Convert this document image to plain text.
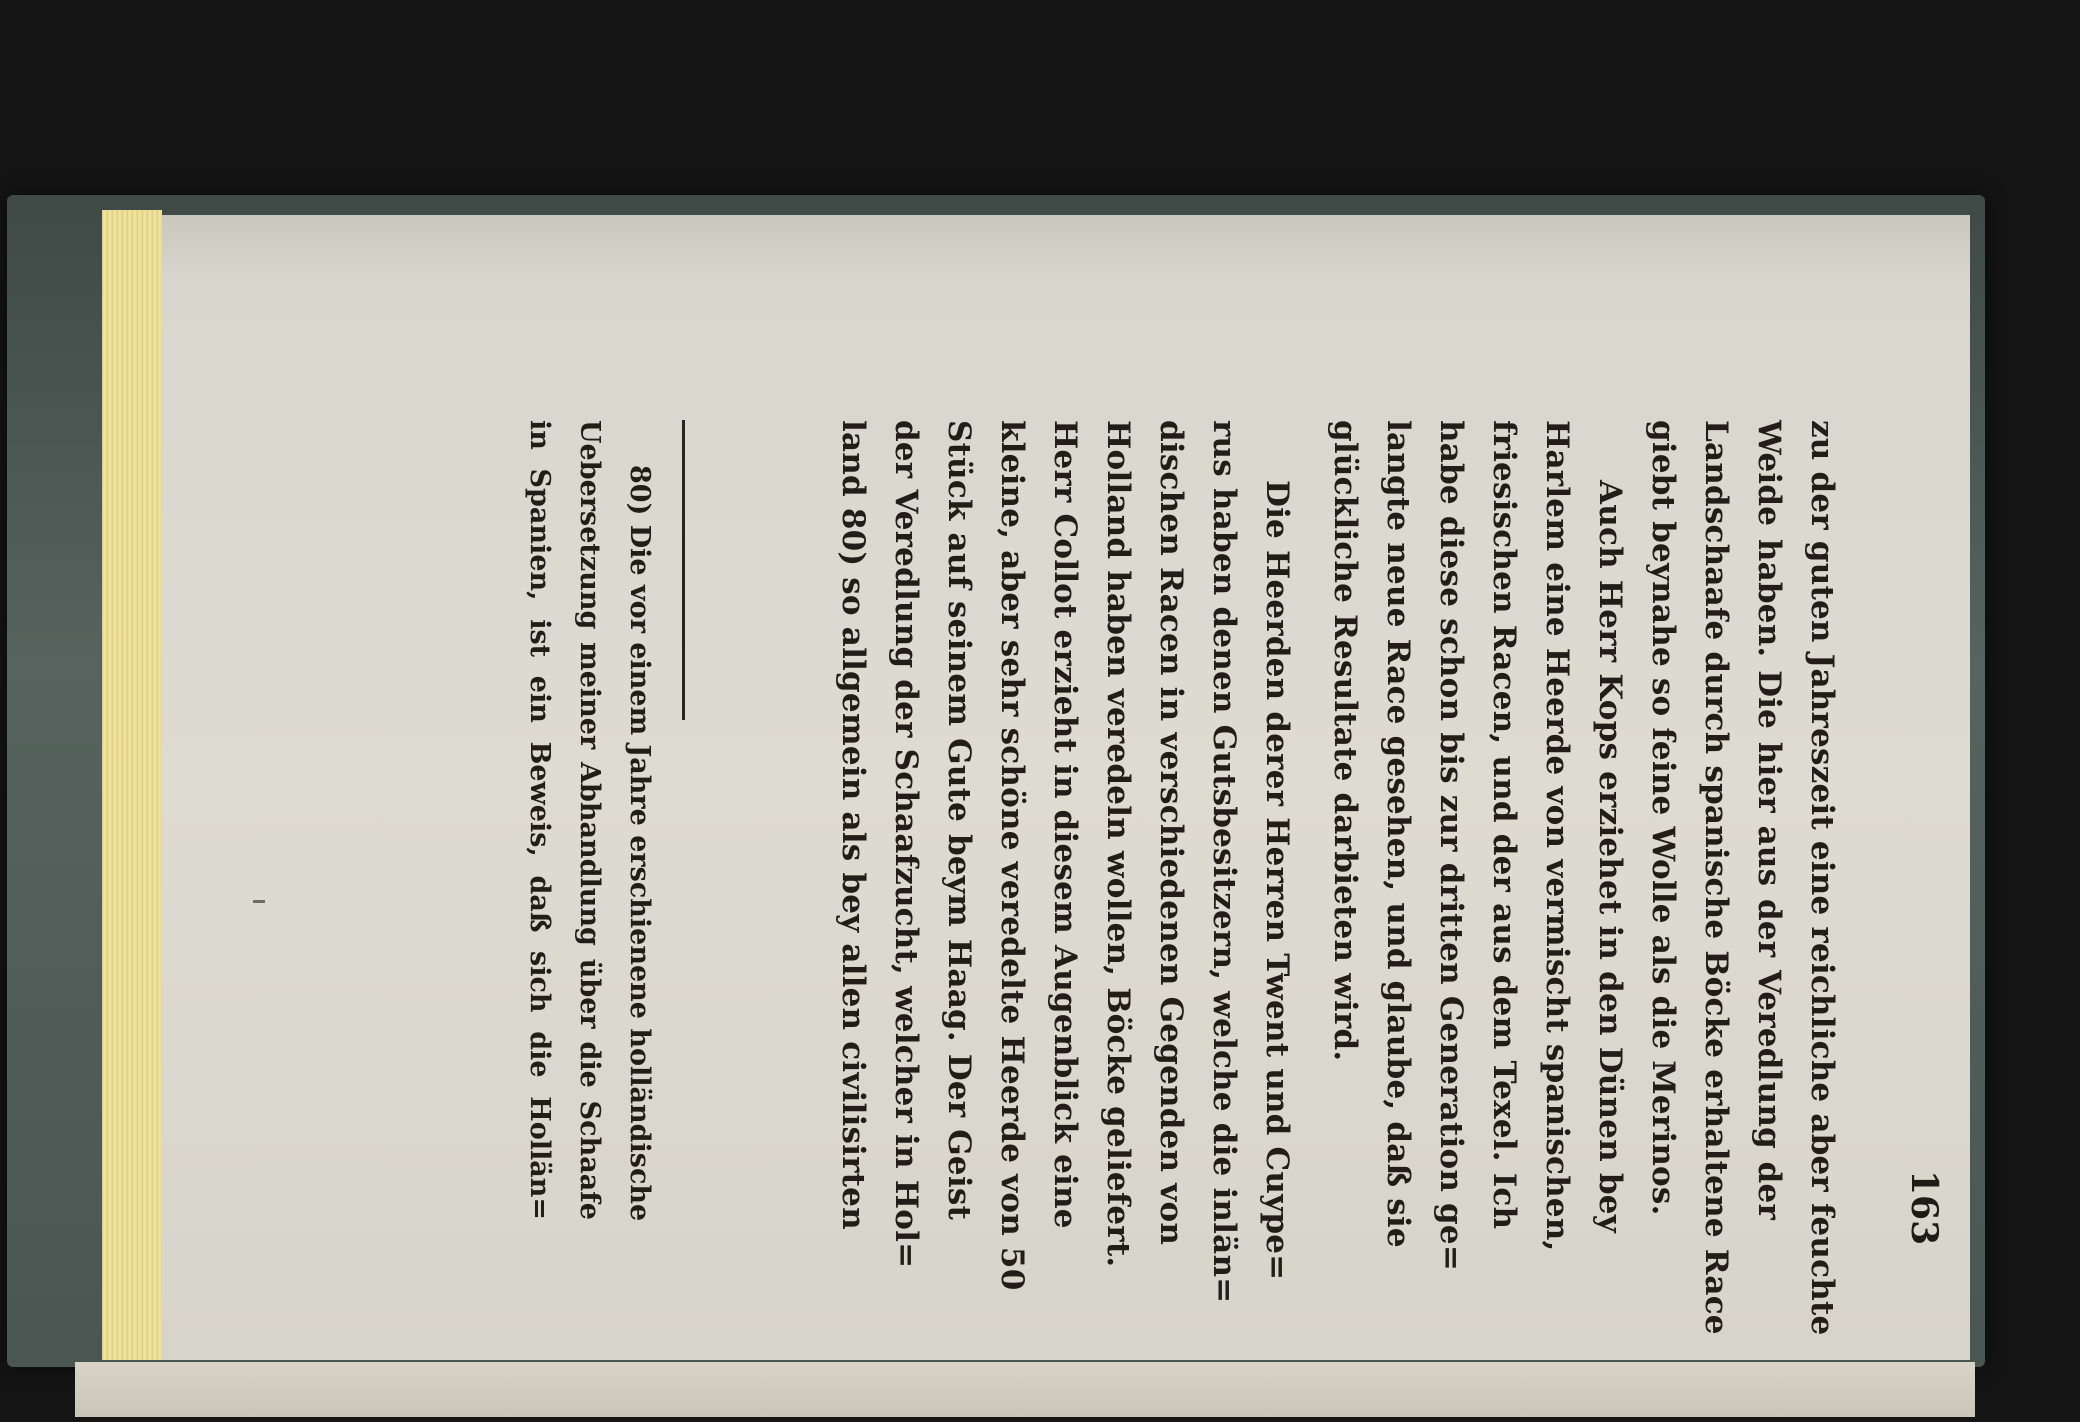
163
zu der guten Jahreszeit eine reichliche aber feuchte
Weide haben. Die hier aus der Veredlung der
Landschaafe durch spanische Böcke erhaltene Race
giebt beynahe so feine Wolle als die Merinos.
Auch Herr Kops erziehet in den Dünen bey
Harlem eine Heerde von vermischt spanischen,
friesischen Racen, und der aus dem Texel. Ich
habe diese schon bis zur dritten Generation ge=
langte neue Race gesehen, und glaube, daß sie
glückliche Resultate darbieten wird.
Die Heerden derer Herren Twent und Cuype=
rus haben denen Gutsbesitzern, welche die inlän=
dischen Racen in verschiedenen Gegenden von
Holland haben veredeln wollen, Böcke geliefert.
Herr Collot erzieht in diesem Augenblick eine
kleine, aber sehr schöne veredelte Heerde von 50
Stück auf seinem Gute beym Haag. Der Geist
der Veredlung der Schaafzucht, welcher in Hol=
land 80) so allgemein als bey allen civilisirten
80) Die vor einem Jahre erschienene holländische
Uebersetzung meiner Abhandlung über die Schaafe
in Spanien, ist ein Beweis, daß sich die Hollän=
